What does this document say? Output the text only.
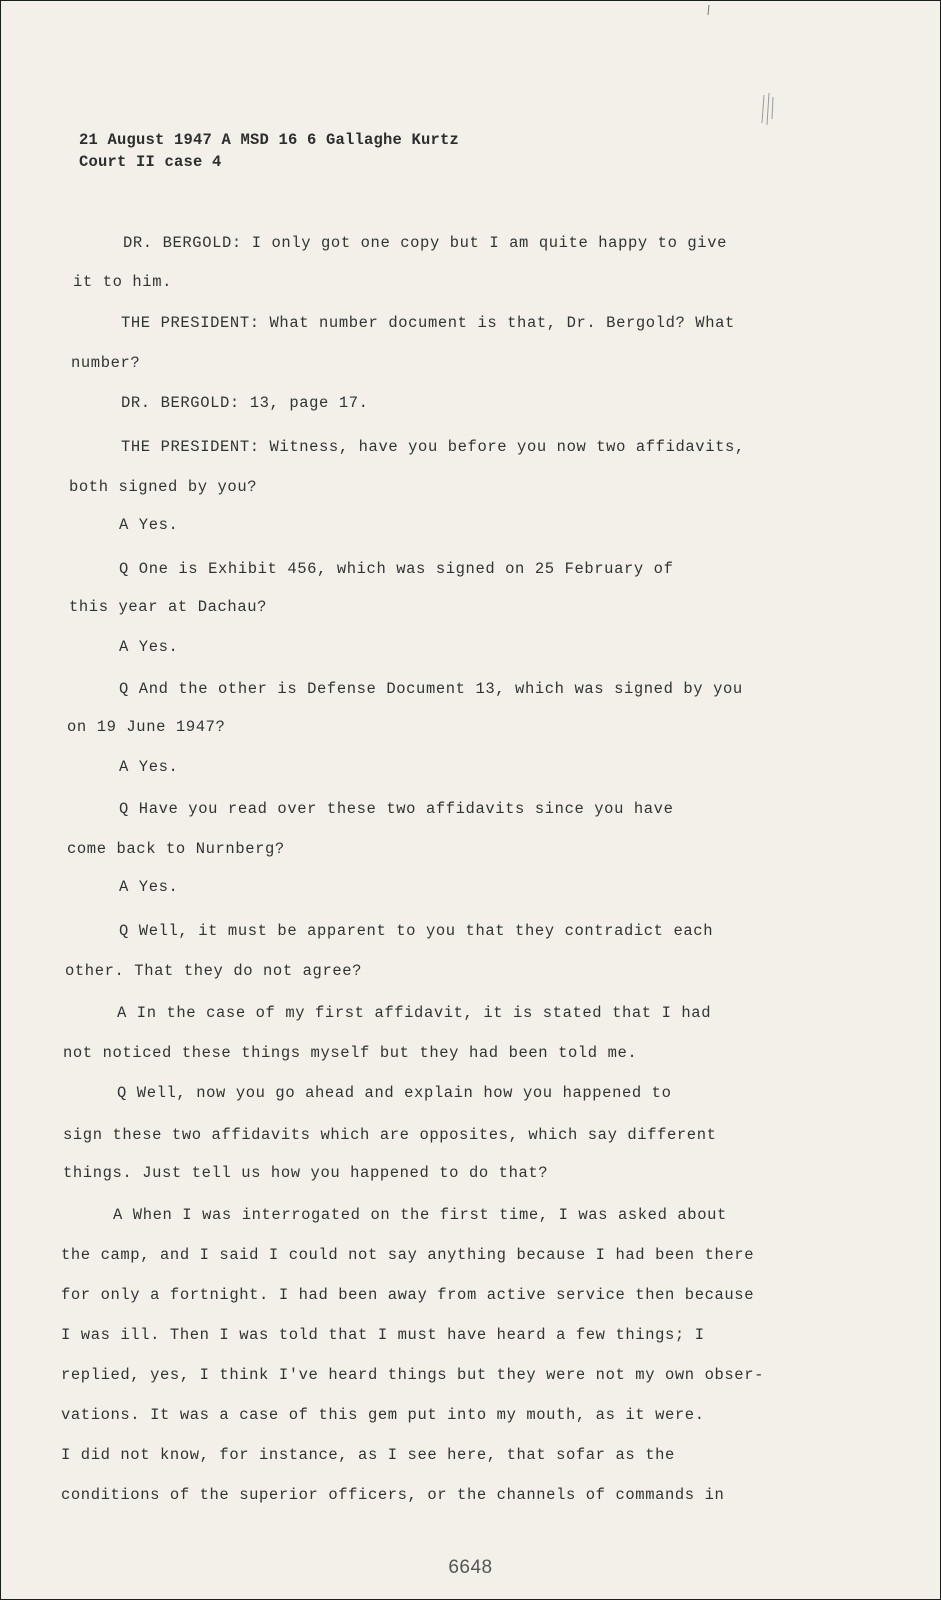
21 August 1947 A MSD 16 6 Gallaghe Kurtz
Court II case 4
DR. BERGOLD: I only got one copy but I am quite happy to give
it to him.
THE PRESIDENT: What number document is that, Dr. Bergold? What
number?
DR. BERGOLD: 13, page 17.
THE PRESIDENT: Witness, have you before you now two affidavits,
both signed by you?
A Yes.
Q One is Exhibit 456, which was signed on 25 February of
this year at Dachau?
A Yes.
Q And the other is Defense Document 13, which was signed by you
on 19 June 1947?
A Yes.
Q Have you read over these two affidavits since you have
come back to Nurnberg?
A Yes.
Q Well, it must be apparent to you that they contradict each
other. That they do not agree?
A In the case of my first affidavit, it is stated that I had
not noticed these things myself but they had been told me.
Q Well, now you go ahead and explain how you happened to
sign these two affidavits which are opposites, which say different
things. Just tell us how you happened to do that?
A When I was interrogated on the first time, I was asked about
the camp, and I said I could not say anything because I had been there
for only a fortnight. I had been away from active service then because
I was ill. Then I was told that I must have heard a few things; I
replied, yes, I think I've heard things but they were not my own obser-
vations. It was a case of this gem put into my mouth, as it were.
I did not know, for instance, as I see here, that sofar as the
conditions of the superior officers, or the channels of commands in
6648
